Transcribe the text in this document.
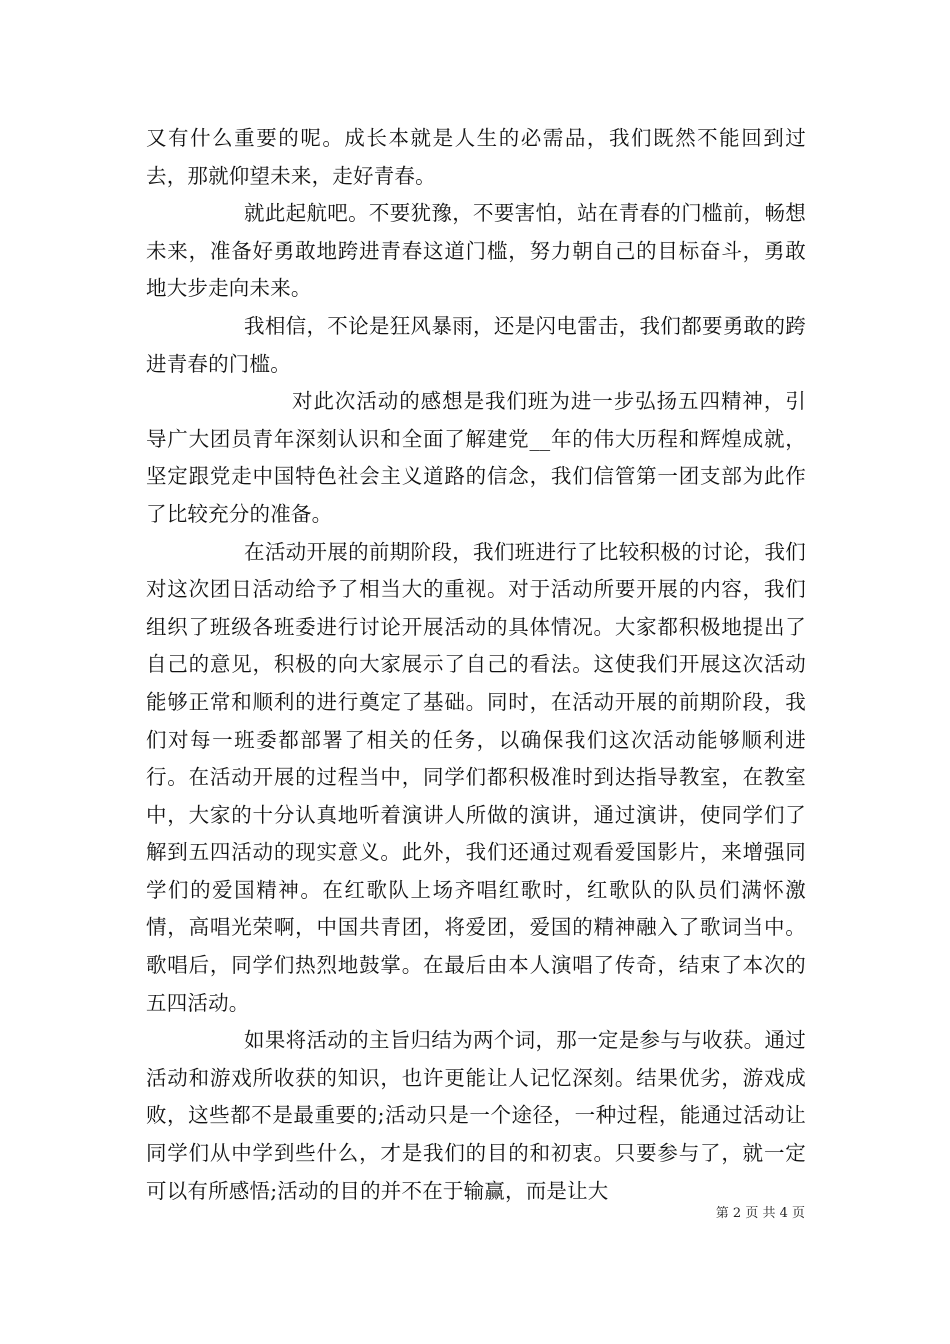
又有什么重要的呢。成长本就是人生的必需品，我们既然不能回到过去，那就仰望未来，走好青春。

就此起航吧。不要犹豫，不要害怕，站在青春的门槛前，畅想未来，准备好勇敢地跨进青春这道门槛，努力朝自己的目标奋斗，勇敢地大步走向未来。

我相信，不论是狂风暴雨，还是闪电雷击，我们都要勇敢的跨进青春的门槛。

对此次活动的感想是我们班为进一步弘扬五四精神，引导广大团员青年深刻认识和全面了解建党__年的伟大历程和辉煌成就，坚定跟党走中国特色社会主义道路的信念，我们信管第一团支部为此作了比较充分的准备。

在活动开展的前期阶段，我们班进行了比较积极的讨论，我们对这次团日活动给予了相当大的重视。对于活动所要开展的内容，我们组织了班级各班委进行讨论开展活动的具体情况。大家都积极地提出了自己的意见，积极的向大家展示了自己的看法。这使我们开展这次活动能够正常和顺利的进行奠定了基础。同时，在活动开展的前期阶段，我们对每一班委都部署了相关的任务，以确保我们这次活动能够顺利进行。在活动开展的过程当中，同学们都积极准时到达指导教室，在教室中，大家的十分认真地听着演讲人所做的演讲，通过演讲，使同学们了解到五四活动的现实意义。此外，我们还通过观看爱国影片，来增强同学们的爱国精神。在红歌队上场齐唱红歌时，红歌队的队员们满怀激情，高唱光荣啊，中国共青团，将爱团，爱国的精神融入了歌词当中。歌唱后，同学们热烈地鼓掌。在最后由本人演唱了传奇，结束了本次的五四活动。

如果将活动的主旨归结为两个词，那一定是参与与收获。通过活动和游戏所收获的知识，也许更能让人记忆深刻。结果优劣，游戏成败，这些都不是最重要的;活动只是一个途径，一种过程，能通过活动让同学们从中学到些什么，才是我们的目的和初衷。只要参与了，就一定可以有所感悟;活动的目的并不在于输赢，而是让大

第 2 页 共 4 页
